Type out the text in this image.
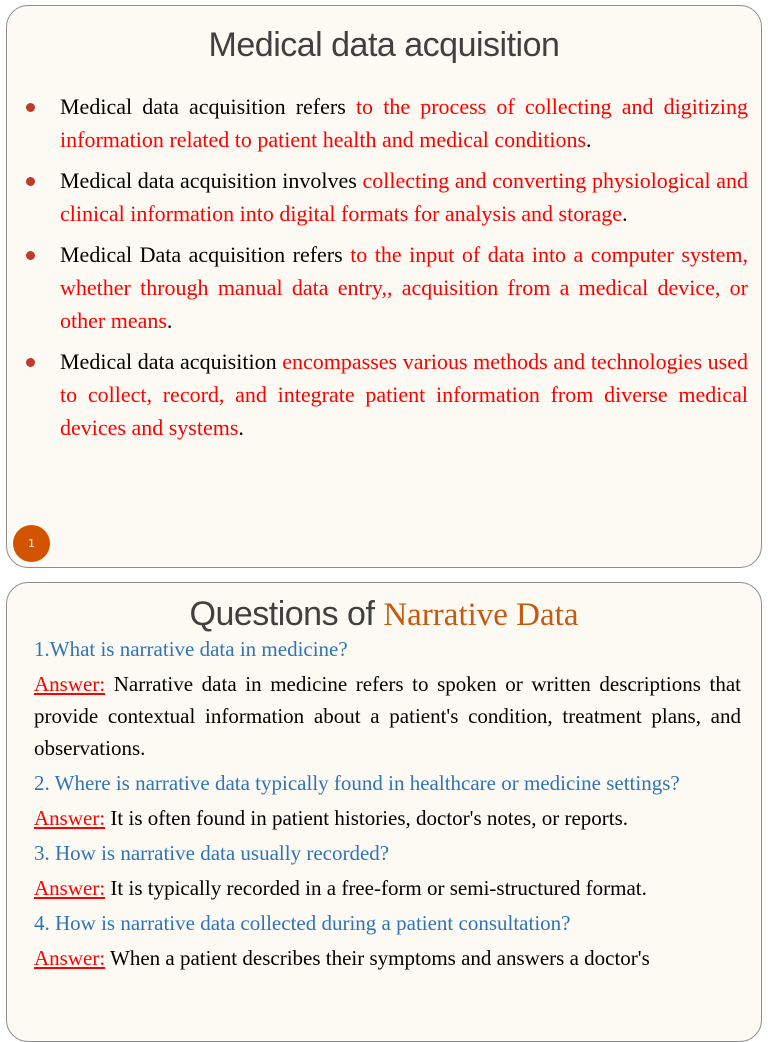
Medical data acquisition
Medical data acquisition refers to the process of collecting and digitizing information related to patient health and medical conditions.
Medical data acquisition involves collecting and converting physiological and clinical information into digital formats for analysis and storage.
Medical Data acquisition refers to the input of data into a computer system, whether through manual data entry,, acquisition from a medical device, or other means.
Medical data acquisition encompasses various methods and technologies used to collect, record, and integrate patient information from diverse medical devices and systems.
1
Questions of Narrative Data
1.What is narrative data in medicine?
Answer: Narrative data in medicine refers to spoken or written descriptions that provide contextual information about a patient's condition, treatment plans, and observations.
2. Where is narrative data typically found in healthcare or medicine settings?
Answer: It is often found in patient histories, doctor's notes, or reports.
3. How is narrative data usually recorded?
Answer: It is typically recorded in a free-form or semi-structured format.
4. How is narrative data collected during a patient consultation?
Answer: When a patient describes their symptoms and answers a doctor's
